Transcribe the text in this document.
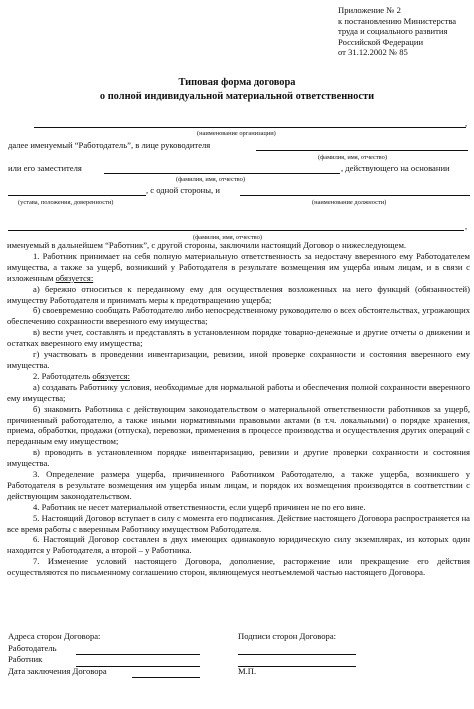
Приложение № 2
к постановлению Министерства
труда и социального развития
Российской Федерации
от 31.12.2002 № 85
Типовая форма договора
о полной индивидуальной материальной ответственности
,
(наименование организации)
далее именуемый “Работодатель”, в лице руководителя
(фамилия, имя, отчество)
или его заместителя	, действующего на основании
(фамилия, имя, отчество)
, с одной стороны, и
(устава, положения, доверенности)	(наименование должности)
,
(фамилия, имя, отчество)

именуемый в дальнейшем “Работник”, с другой стороны, заключили настоящий Договор о нижеследующем.

1. Работник принимает на себя полную материальную ответственность за недостачу вверенного ему Работодателем имущества, а также за ущерб, возникший у Работодателя в результате возмещения им ущерба иным лицам, и в связи с изложенным обязуется:

а) бережно относиться к переданному ему для осуществления возложенных на него функций (обязанностей) имуществу Работодателя и принимать меры к предотвращению ущерба;

б) своевременно сообщать Работодателю либо непосредственному руководителю о всех обстоятельствах, угрожающих обеспечению сохранности вверенного ему имущества;

в) вести учет, составлять и представлять в установленном порядке товарно-денежные и другие отчеты о движении и остатках вверенного ему имущества;

г) участвовать в проведении инвентаризации, ревизии, иной проверке сохранности и состояния вверенного ему имущества.

2. Работодатель обязуется:

а) создавать Работнику условия, необходимые для нормальной работы и обеспечения полной сохранности вверенного ему имущества;

б) знакомить Работника с действующим законодательством о материальной ответственности работников за ущерб, причиненный работодателю, а также иными нормативными правовыми актами (в т.ч. локальными) о порядке хранения, приема, обработки, продажи (отпуска), перевозки, применения в процессе производства и осуществления других операций с переданным ему имуществом;

в) проводить в установленном порядке инвентаризацию, ревизии и другие проверки сохранности и состояния имущества.

3. Определение размера ущерба, причиненного Работником Работодателю, а также ущерба, возникшего у Работодателя в результате возмещения им ущерба иным лицам, и порядок их возмещения производятся в соответствии с действующим законодательством.

4. Работник не несет материальной ответственности, если ущерб причинен не по его вине.

5. Настоящий Договор вступает в силу с момента его подписания. Действие настоящего Договора распространяется на все время работы с вверенным Работнику имуществом Работодателя.

6. Настоящий Договор составлен в двух имеющих одинаковую юридическую силу экземплярах, из которых один находится у Работодателя, а второй – у Работника.

7. Изменение условий настоящего Договора, дополнение, расторжение или прекращение его действия осуществляются по письменному соглашению сторон, являющемуся неотъемлемой частью настоящего Договора.

Адреса сторон Договора:
Работодатель
Работник
Дата заключения Договора
Подписи сторон Договора:
М.П.
